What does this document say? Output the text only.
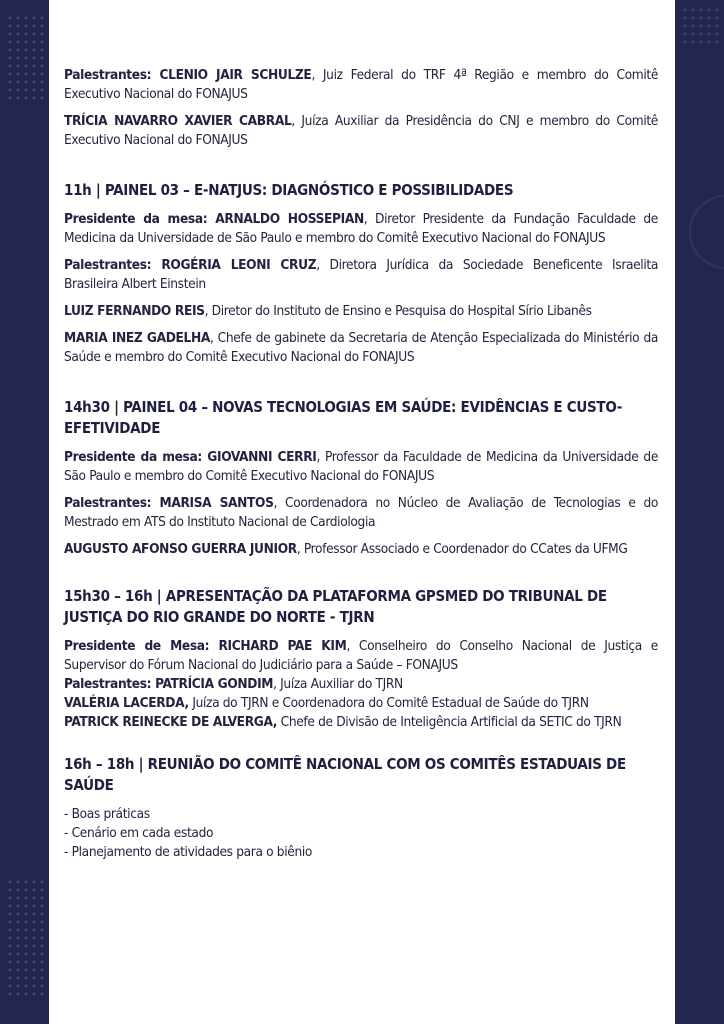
Palestrantes: CLENIO JAIR SCHULZE, Juiz Federal do TRF 4ª Região e membro do Comitê Executivo Nacional do FONAJUS

TRÍCIA NAVARRO XAVIER CABRAL, Juíza Auxiliar da Presidência do CNJ e membro do Comitê Executivo Nacional do FONAJUS

11h | PAINEL 03 – E-NATJUS: DIAGNÓSTICO E POSSIBILIDADES

Presidente da mesa: ARNALDO HOSSEPIAN, Diretor Presidente da Fundação Faculdade de Medicina da Universidade de São Paulo e membro do Comitê Executivo Nacional do FONAJUS

Palestrantes: ROGÉRIA LEONI CRUZ, Diretora Jurídica da Sociedade Beneficente Israelita Brasileira Albert Einstein

LUIZ FERNANDO REIS, Diretor do Instituto de Ensino e Pesquisa do Hospital Sírio Libanês

MARIA INEZ GADELHA, Chefe de gabinete da Secretaria de Atenção Especializada do Ministério da Saúde e membro do Comitê Executivo Nacional do FONAJUS

14h30 | PAINEL 04 – NOVAS TECNOLOGIAS EM SAÚDE: EVIDÊNCIAS E CUSTO-EFETIVIDADE

Presidente da mesa: GIOVANNI CERRI, Professor da Faculdade de Medicina da Universidade de São Paulo e membro do Comitê Executivo Nacional do FONAJUS

Palestrantes: MARISA SANTOS, Coordenadora no Núcleo de Avaliação de Tecnologias e do Mestrado em ATS do Instituto Nacional de Cardiologia

AUGUSTO AFONSO GUERRA JUNIOR, Professor Associado e Coordenador do CCates da UFMG

15h30 – 16h | APRESENTAÇÃO DA PLATAFORMA GPSMED DO TRIBUNAL DE JUSTIÇA DO RIO GRANDE DO NORTE - TJRN

Presidente de Mesa: RICHARD PAE KIM, Conselheiro do Conselho Nacional de Justiça e Supervisor do Fórum Nacional do Judiciário para a Saúde – FONAJUS

Palestrantes: PATRÍCIA GONDIM, Juíza Auxiliar do TJRN

VALÉRIA LACERDA, Juíza do TJRN e Coordenadora do Comitê Estadual de Saúde do TJRN

PATRICK REINECKE DE ALVERGA, Chefe de Divisão de Inteligência Artificial da SETIC do TJRN

16h – 18h | REUNIÃO DO COMITÊ NACIONAL COM OS COMITÊS ESTADUAIS DE SAÚDE
- Boas práticas
- Cenário em cada estado
- Planejamento de atividades para o biênio
